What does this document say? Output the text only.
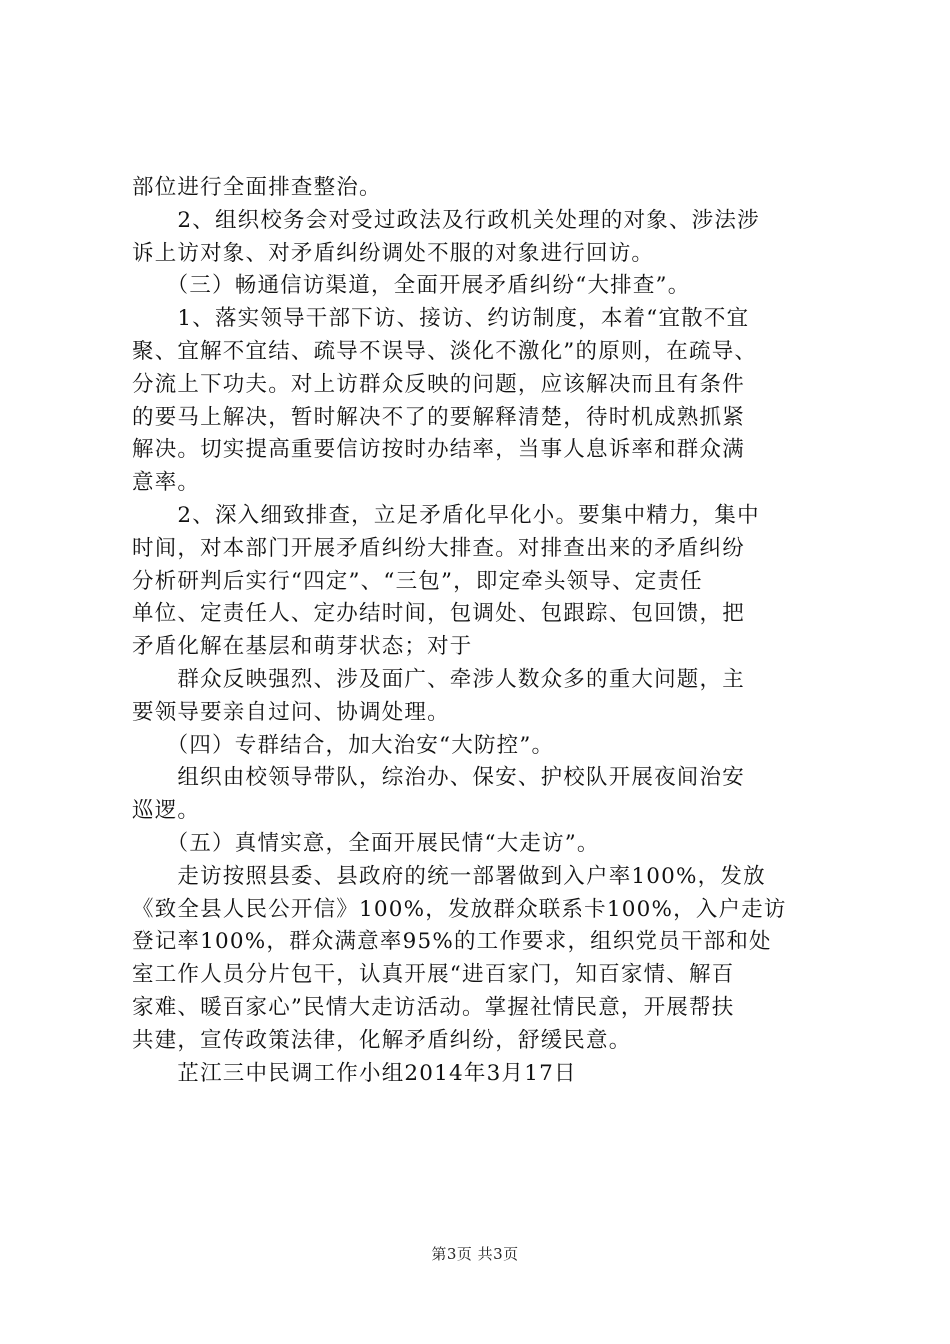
部位进行全面排查整治。
　　2、组织校务会对受过政法及行政机关处理的对象、涉法涉
诉上访对象、对矛盾纠纷调处不服的对象进行回访。
　　（三）畅通信访渠道，全面开展矛盾纠纷“大排查”。
　　1、落实领导干部下访、接访、约访制度，本着“宜散不宜
聚、宜解不宜结、疏导不误导、淡化不激化”的原则，在疏导、
分流上下功夫。对上访群众反映的问题，应该解决而且有条件
的要马上解决，暂时解决不了的要解释清楚，待时机成熟抓紧
解决。切实提高重要信访按时办结率，当事人息诉率和群众满
意率。
　　2、深入细致排查，立足矛盾化早化小。要集中精力，集中
时间，对本部门开展矛盾纠纷大排查。对排查出来的矛盾纠纷
分析研判后实行“四定”、“三包”，即定牵头领导、定责任
单位、定责任人、定办结时间，包调处、包跟踪、包回馈，把
矛盾化解在基层和萌芽状态；对于
　　群众反映强烈、涉及面广、牵涉人数众多的重大问题，主
要领导要亲自过问、协调处理。
　　（四）专群结合，加大治安“大防控”。
　　组织由校领导带队，综治办、保安、护校队开展夜间治安
巡逻。
　　（五）真情实意，全面开展民情“大走访”。
　　走访按照县委、县政府的统一部署做到入户率100%，发放
《致全县人民公开信》100%，发放群众联系卡100%，入户走访
登记率100%，群众满意率95%的工作要求，组织党员干部和处
室工作人员分片包干，认真开展“进百家门，知百家情、解百
家难、暖百家心”民情大走访活动。掌握社情民意，开展帮扶
共建，宣传政策法律，化解矛盾纠纷，舒缓民意。
　　芷江三中民调工作小组2014年3月17日
第3页 共3页
